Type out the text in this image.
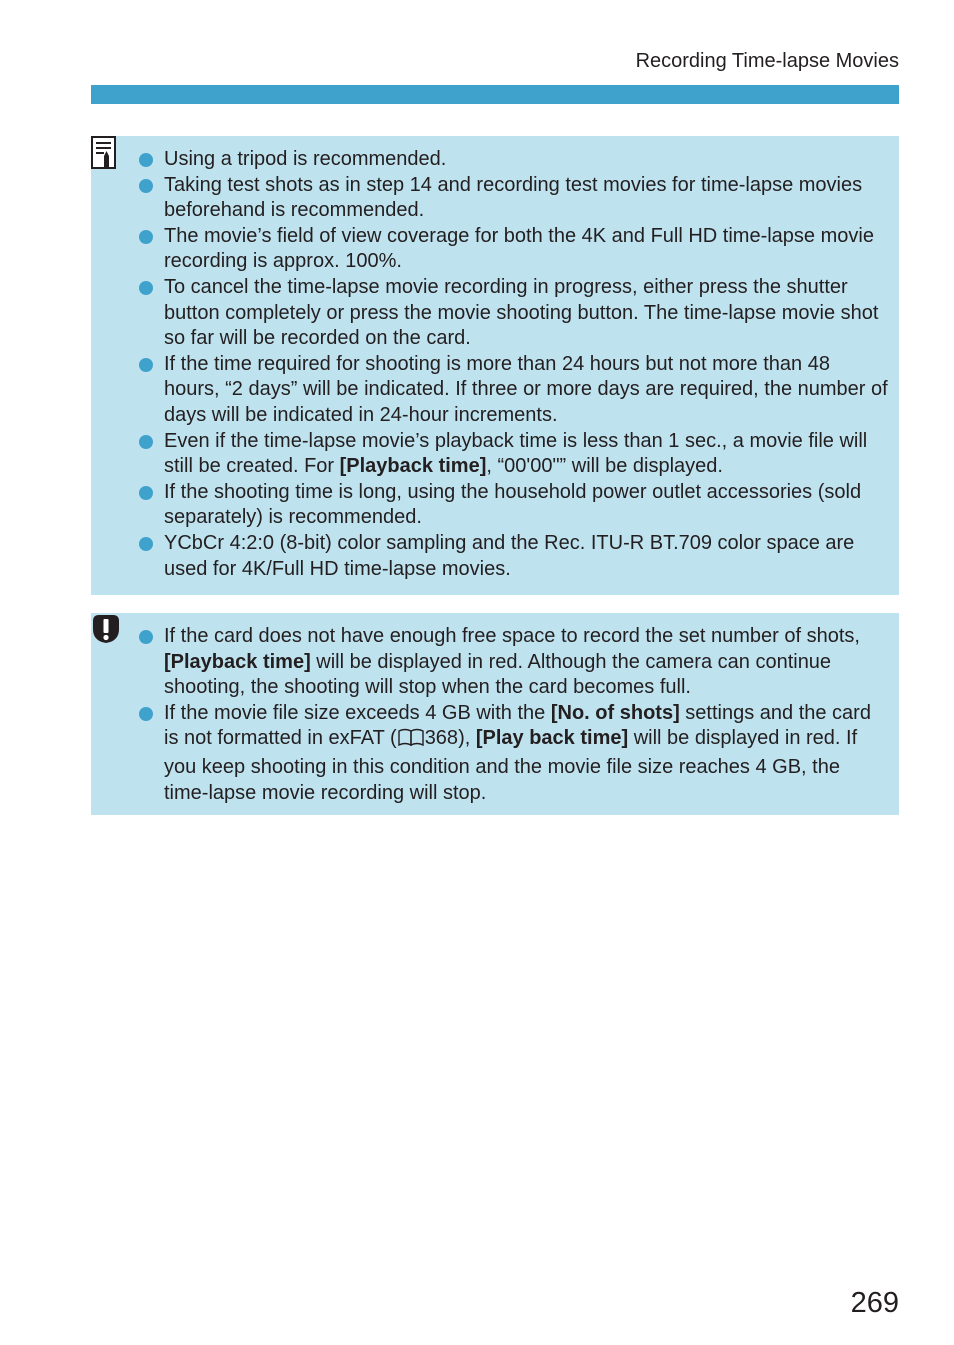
Recording Time-lapse Movies
Using a tripod is recommended.
Taking test shots as in step 14 and recording test movies for time-lapse movies beforehand is recommended.
The movie’s field of view coverage for both the 4K and Full HD time-lapse movie recording is approx. 100%.
To cancel the time-lapse movie recording in progress, either press the shutter button completely or press the movie shooting button. The time-lapse movie shot so far will be recorded on the card.
If the time required for shooting is more than 24 hours but not more than 48 hours, “2 days” will be indicated. If three or more days are required, the number of days will be indicated in 24-hour increments.
Even if the time-lapse movie’s playback time is less than 1 sec., a movie file will still be created. For [Playback time], “00'00"” will be displayed.
If the shooting time is long, using the household power outlet accessories (sold separately) is recommended.
YCbCr 4:2:0 (8-bit) color sampling and the Rec. ITU-R BT.709 color space are used for 4K/Full HD time-lapse movies.
If the card does not have enough free space to record the set number of shots, [Playback time] will be displayed in red. Although the camera can continue shooting, the shooting will stop when the card becomes full.
If the movie file size exceeds 4 GB with the [No. of shots] settings and the card is not formatted in exFAT ( 368), [Play back time] will be displayed in red. If you keep shooting in this condition and the movie file size reaches 4 GB, the time-lapse movie recording will stop.
269
